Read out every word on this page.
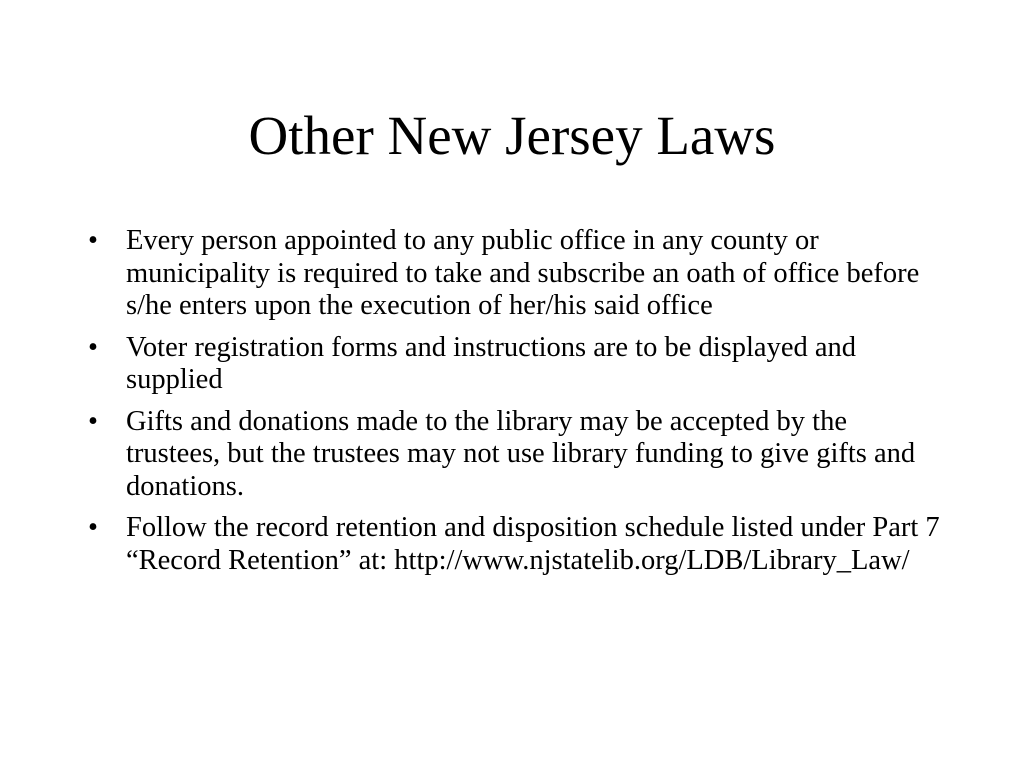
Other New Jersey Laws
• Every person appointed to any public office in any county or municipality is required to take and subscribe an oath of office before s/he enters upon the execution of her/his said office
• Voter registration forms and instructions are to be displayed and supplied
• Gifts and donations made to the library may be accepted by the trustees, but the trustees may not use library funding to give gifts and donations.
• Follow the record retention and disposition schedule listed under Part 7 “Record Retention” at: http://www.njstatelib.org/LDB/Library_Law/
